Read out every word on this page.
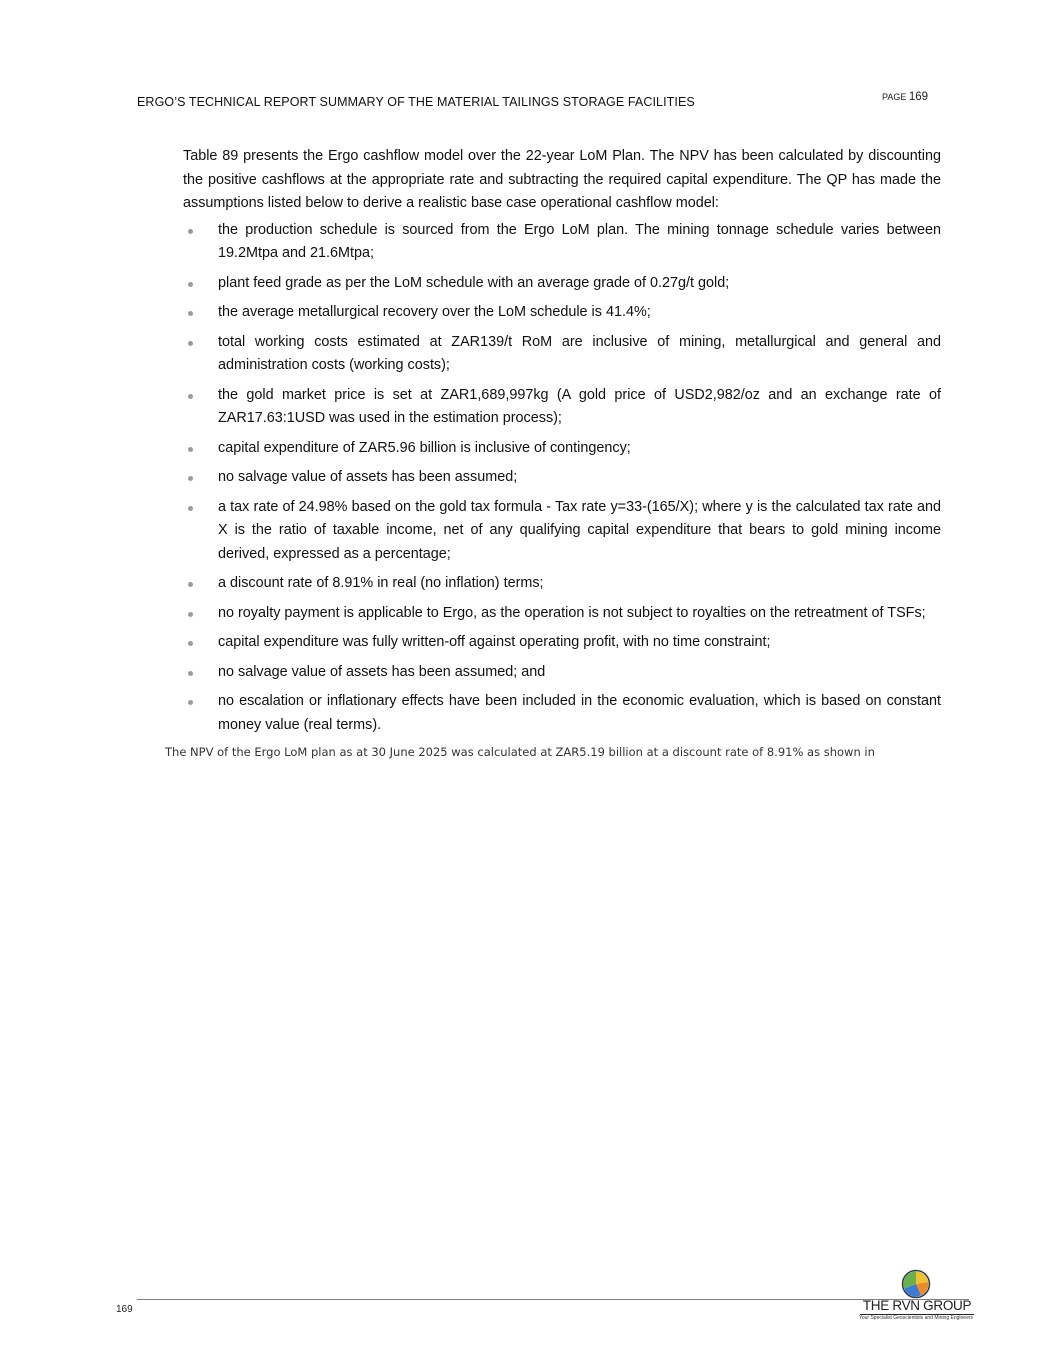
ERGO’S TECHNICAL REPORT SUMMARY OF THE MATERIAL TAILINGS STORAGE FACILITIES	PAGE 169

Table 89 presents the Ergo cashflow model over the 22-year LoM Plan. The NPV has been calculated by discounting the positive cashflows at the appropriate rate and subtracting the required capital expenditure. The QP has made the assumptions listed below to derive a realistic base case operational cashflow model:

the production schedule is sourced from the Ergo LoM plan. The mining tonnage schedule varies between 19.2Mtpa and 21.6Mtpa;
plant feed grade as per the LoM schedule with an average grade of 0.27g/t gold;
the average metallurgical recovery over the LoM schedule is 41.4%;
total working costs estimated at ZAR139/t RoM are inclusive of mining, metallurgical and general and administration costs (working costs);
the gold market price is set at ZAR1,689,997kg (A gold price of USD2,982/oz and an exchange rate of ZAR17.63:1USD was used in the estimation process);
capital expenditure of ZAR5.96 billion is inclusive of contingency;
no salvage value of assets has been assumed;
a tax rate of 24.98% based on the gold tax formula - Tax rate y=33-(165/X); where y is the calculated tax rate and X is the ratio of taxable income, net of any qualifying capital expenditure that bears to gold mining income derived, expressed as a percentage;
a discount rate of 8.91% in real (no inflation) terms;
no royalty payment is applicable to Ergo, as the operation is not subject to royalties on the retreatment of TSFs;
capital expenditure was fully written-off against operating profit, with no time constraint;
no salvage value of assets has been assumed; and
no escalation or inflationary effects have been included in the economic evaluation, which is based on constant money value (real terms).
The NPV of the Ergo LoM plan as at 30 June 2025 was calculated at ZAR5.19 billion at a discount rate of 8.91% as shown in
169	THE RVN GROUP
Your Specialist Geoscientists and Mining Engineers
